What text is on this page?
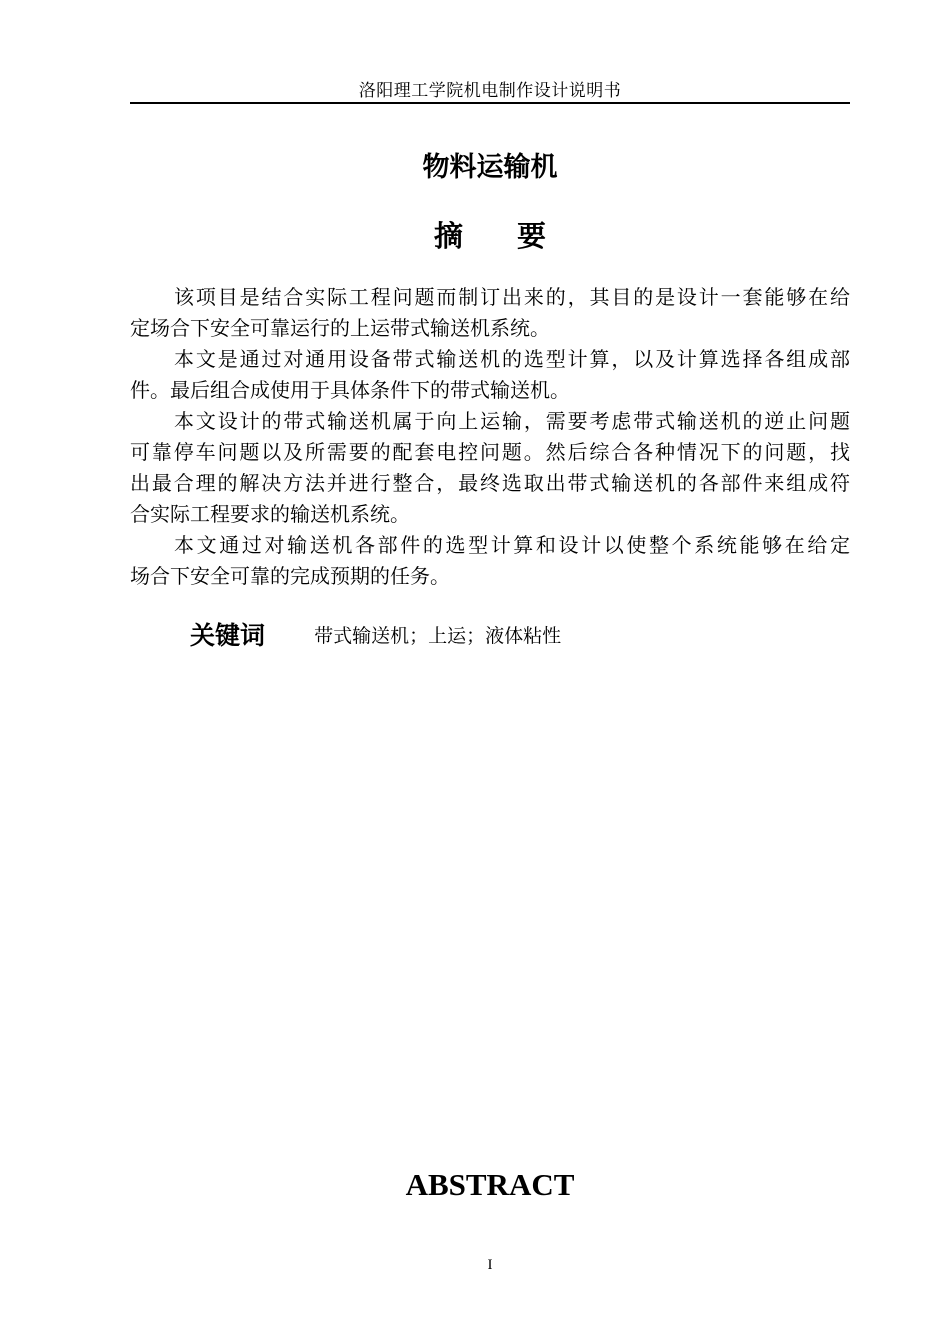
洛阳理工学院机电制作设计说明书
物料运输机
摘 要

该项目是结合实际工程问题而制订出来的，其目的是设计一套能够在给
定场合下安全可靠运行的上运带式输送机系统。

本文是通过对通用设备带式输送机的选型计算，以及计算选择各组成部
件。最后组合成使用于具体条件下的带式输送机。

本文设计的带式输送机属于向上运输，需要考虑带式输送机的逆止问题
可靠停车问题以及所需要的配套电控问题。然后综合各种情况下的问题，找
出最合理的解决方法并进行整合，最终选取出带式输送机的各部件来组成符
合实际工程要求的输送机系统。

本文通过对输送机各部件的选型计算和设计以使整个系统能够在给定
场合下安全可靠的完成预期的任务。

关键词	带式输送机；上运；液体粘性
ABSTRACT
I
